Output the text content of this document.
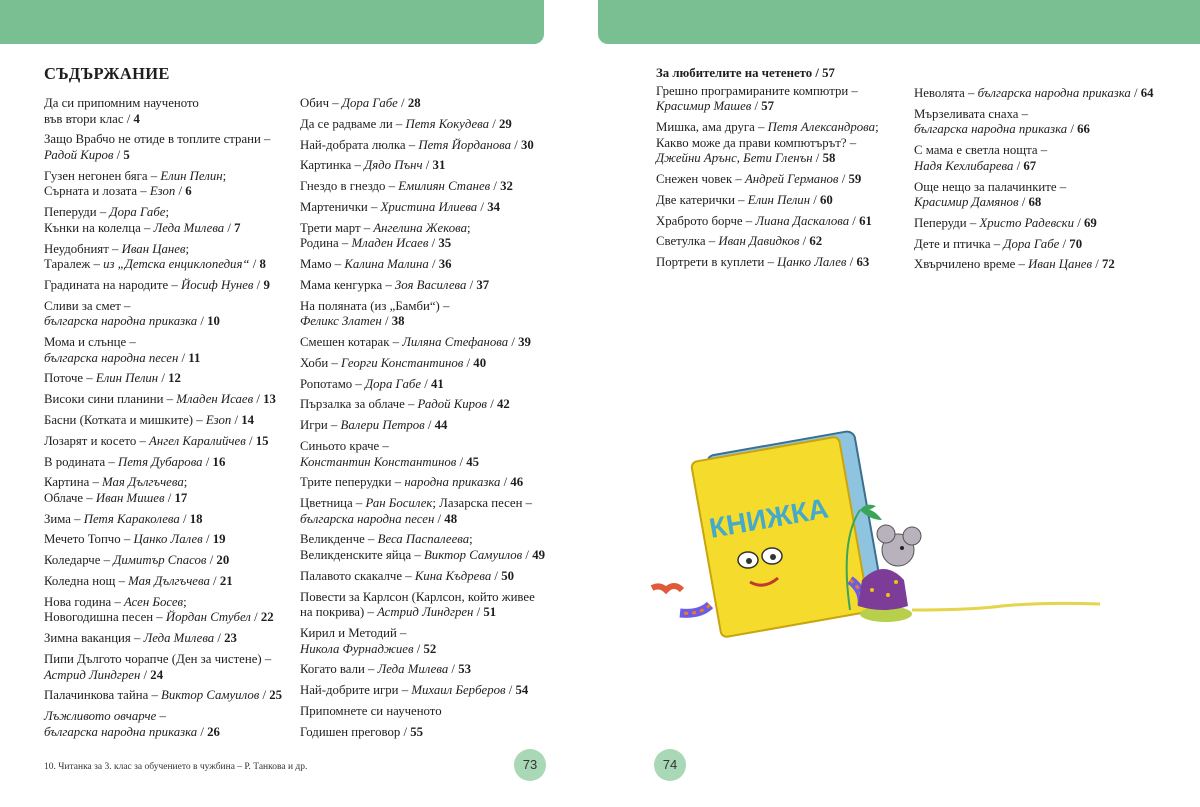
СЪДЪРЖАНИЕ
Да си припомним наученото
във втори клас / 4
Защо Врабчо не отиде в топлите страни –
Радой Киров / 5
Гузен негонен бяга – Елин Пелин;
Сърната и лозата – Езоп / 6
Пеперуди – Дора Габе;
Кънки на колелца – Леда Милева / 7
Неудобният – Иван Цанев;
Таралеж – из „Детска енциклопедия“ / 8
Градината на народите – Йосиф Нунев / 9
Сливи за смет –
българска народна приказка / 10
Мома и слънце –
българска народна песен / 11
Поточе – Елин Пелин / 12
Високи сини планини – Младен Исаев / 13
Басни (Котката и мишките) – Езоп / 14
Лозарят и косето – Ангел Каралийчев / 15
В родината – Петя Дубарова / 16
Картина – Мая Дългъчева;
Облаче – Иван Мишев / 17
Зима – Петя Караколева / 18
Мечето Топчо – Цанко Лалев / 19
Коледарче – Димитър Спасов / 20
Коледна нощ – Мая Дългъчева / 21
Нова година – Асен Босев;
Новогодишна песен – Йордан Стубел / 22
Зимна ваканция – Леда Милева / 23
Пипи Дългото чорапче (Ден за чистене) –
Астрид Линдгрен / 24
Палачинкова тайна – Виктор Самуилов / 25
Лъжливото овчарче –
българска народна приказка / 26
Обич – Дора Габе / 28
Да се радваме ли – Петя Кокудева / 29
Най-добрата люлка – Петя Йорданова / 30
Картинка – Дядо Пънч / 31
Гнездо в гнездо – Емилиян Станев / 32
Мартенички – Христина Илиева / 34
Трети март – Ангелина Жекова;
Родина – Младен Исаев / 35
Мамо – Калина Малина / 36
Мама кенгурка – Зоя Василева / 37
На поляната (из „Бамби“) –
Феликс Златен / 38
Смешен котарак – Лиляна Стефанова / 39
Хоби – Георги Константинов / 40
Ропотамо – Дора Габе / 41
Пързалка за облаче – Радой Киров / 42
Игри – Валери Петров / 44
Синьото краче –
Константин Константинов / 45
Трите пеперудки – народна приказка / 46
Цветница – Ран Босилек; Лазарска песен –
българска народна песен / 48
Великденче – Веса Паспалеева;
Великденските яйца – Виктор Самуилов / 49
Палавото скакалче – Кина Къдрева / 50
Повести за Карлсон (Карлсон, който живее
на покрива) – Астрид Линдгрен / 51
Кирил и Методий –
Никола Фурнаджиев / 52
Когато вали – Леда Милева / 53
Най-добрите игри – Михаил Берберов / 54
Припомнете си наученото
Годишен преговор / 55
За любителите на четенето / 57
Грешно програмираните компютри –
Красимир Машев / 57
Мишка, ама друга – Петя Александрова;
Какво може да прави компютърът? –
Джейни Арънс, Бети Гленън / 58
Снежен човек – Андрей Германов / 59
Две катерички – Елин Пелин / 60
Храброто борче – Лиана Даскалова / 61
Светулка – Иван Давидков / 62
Портрети в куплети – Цанко Лалев / 63
Неволята – българска народна приказка / 64
Мързеливата снаха –
българска народна приказка / 66
С мама е светла нощта –
Надя Кехлибарева / 67
Още нещо за палачинките –
Красимир Дамянов / 68
Пеперуди – Христо Радевски / 69
Дете и птичка – Дора Габе / 70
Хвърчилено време – Иван Цанев / 72
КНИЖКА
10. Читанка за 3. клас за обучението в чужбина – Р. Танкова и др.	73	74
